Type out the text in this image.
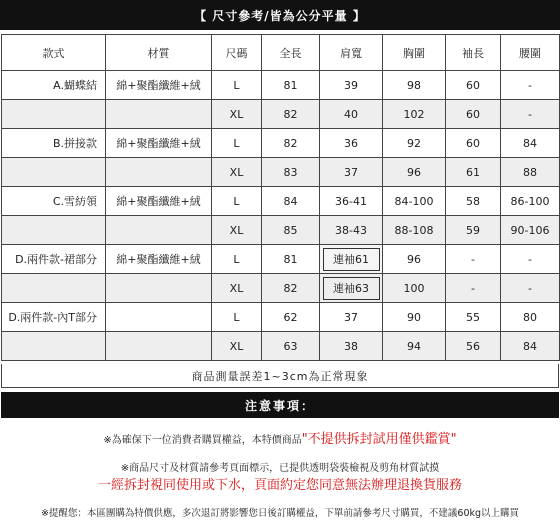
【 尺寸參考/皆為公分平量 】
款式	材質	尺碼	全長	肩寬	胸圍	袖長	腰圍
A.蝴蝶結	綿+聚酯纖維+絨	L	81	39	98	60	-
		XL	82	40	102	60	-
B.拼接款	綿+聚酯纖維+絨	L	82	36	92	60	84
		XL	83	37	96	61	88
C.雪紡領	綿+聚酯纖維+絨	L	84	36-41	84-100	58	86-100
		XL	85	38-43	88-108	59	90-106
D.兩件款-裙部分	綿+聚酯纖維+絨	L	81	連袖61	96	-	-
		XL	82	連袖63	100	-	-
D.兩件款-內T部分		L	62	37	90	55	80
		XL	63	38	94	56	84
商品測量誤差1~3cm為正常現象
注意事項：
※為確保下一位消費者購買權益，本特價商品"不提供拆封試用僅供鑑賞"
※商品尺寸及材質請參考頁面標示，已提供透明袋裝檢視及剪角材質試摸
一經拆封視同使用或下水，頁面約定您同意無法辦理退換貨服務
※提醒您：本區團購為特價供應，多次退訂將影響您日後訂購權益，下單前請參考尺寸購買，不建議60kg以上購買
